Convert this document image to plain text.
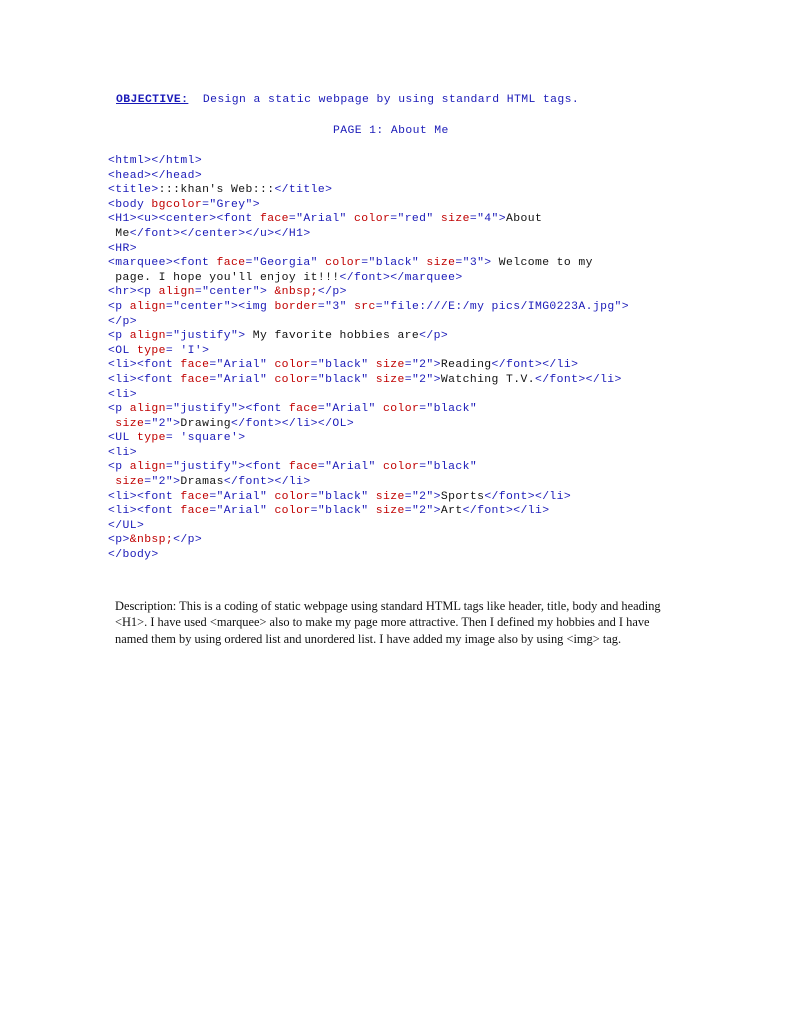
OBJECTIVE: Design a static webpage by using standard HTML tags.
PAGE 1: About Me
<html></html>
<head></head>
<title>:::khan's Web:::</title>
<body bgcolor="Grey">
<H1><u><center><font face="Arial" color="red" size="4">About
Me</font></center></u></H1>
<HR>
<marquee><font face="Georgia" color="black" size="3"> Welcome to my
page. I hope you'll enjoy it!!!</font></marquee>
<hr><p align="center"> &nbsp;</p>
<p align="center"><img border="3" src="file:///E:/my pics/IMG0223A.jpg">
</p>
<p align="justify"> My favorite hobbies are</p>
<OL type= 'I'>
<li><font face="Arial" color="black" size="2">Reading</font></li>
<li><font face="Arial" color="black" size="2">Watching T.V.</font></li>
<li>
<p align="justify"><font face="Arial" color="black"
size="2">Drawing</font></li></OL>
<UL type= 'square'>
<li>
<p align="justify"><font face="Arial" color="black"
size="2">Dramas</font></li>
<li><font face="Arial" color="black" size="2">Sports</font></li>
<li><font face="Arial" color="black" size="2">Art</font></li>
</UL>
<p>&nbsp;</p>
</body>

Description: This is a coding of static webpage using standard HTML tags like header, title, body and heading <H1>. I have used <marquee> also to make my page more attractive. Then I defined my hobbies and I have named them by using ordered list and unordered list. I have added my image also by using <img> tag.
